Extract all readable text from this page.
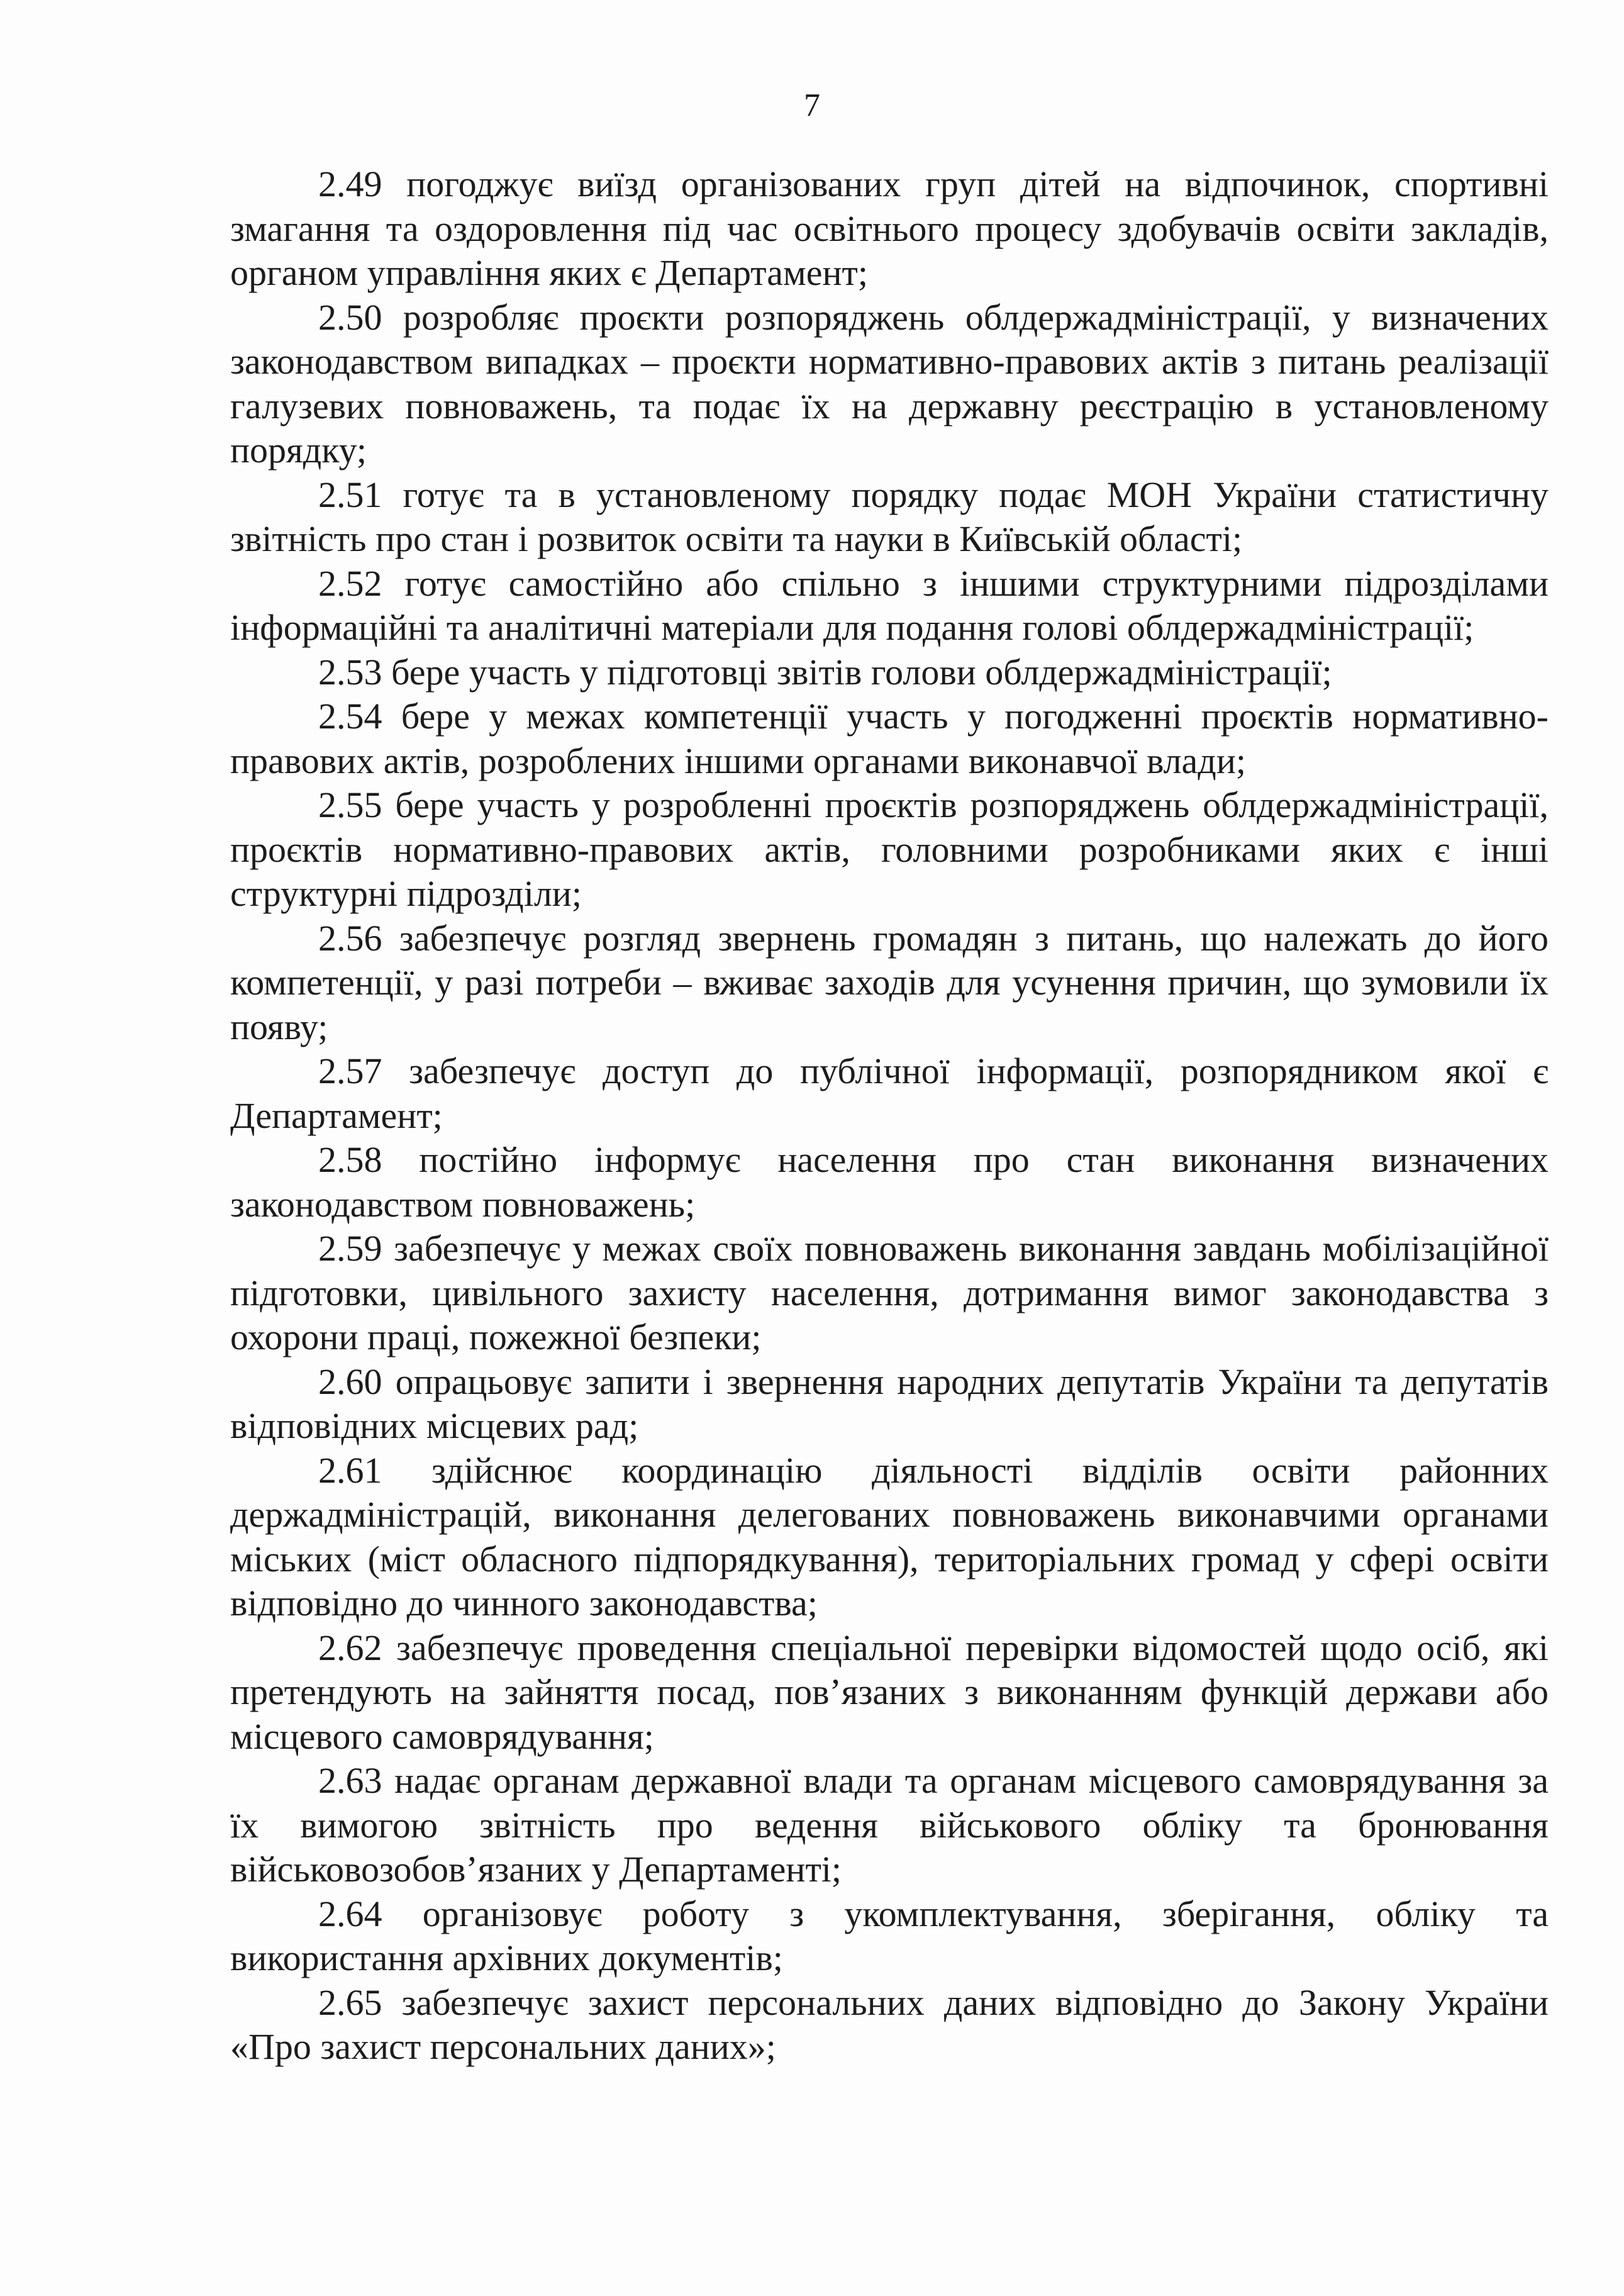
7

2.49 погоджує виїзд організованих груп дітей на відпочинок, спортивні змагання та оздоровлення під час освітнього процесу здобувачів освіти закладів, органом управління яких є Департамент;

2.50 розробляє проєкти розпоряджень облдержадміністрації, у визначених законодавством випадках – проєкти нормативно-правових актів з питань реалізації галузевих повноважень, та подає їх на державну реєстрацію в установленому порядку;

2.51 готує та в установленому порядку подає МОН України статистичну звітність про стан і розвиток освіти та науки в Київській області;

2.52 готує самостійно або спільно з іншими структурними підрозділами інформаційні та аналітичні матеріали для подання голові облдержадміністрації;

2.53 бере участь у підготовці звітів голови облдержадміністрації;

2.54 бере у межах компетенції участь у погодженні проєктів нормативно-правових актів, розроблених іншими органами виконавчої влади;

2.55 бере участь у розробленні проєктів розпоряджень облдержадміністрації, проєктів нормативно-правових актів, головними розробниками яких є інші структурні підрозділи;

2.56 забезпечує розгляд звернень громадян з питань, що належать до його компетенції, у разі потреби – вживає заходів для усунення причин, що зумовили їх появу;

2.57 забезпечує доступ до публічної інформації, розпорядником якої є Департамент;

2.58 постійно інформує населення про стан виконання визначених законодавством повноважень;

2.59 забезпечує у межах своїх повноважень виконання завдань мобілізаційної підготовки, цивільного захисту населення, дотримання вимог законодавства з охорони праці, пожежної безпеки;

2.60 опрацьовує запити і звернення народних депутатів України та депутатів відповідних місцевих рад;

2.61 здійснює координацію діяльності відділів освіти районних держадміністрацій, виконання делегованих повноважень виконавчими органами міських (міст обласного підпорядкування), територіальних громад у сфері освіти відповідно до чинного законодавства;

2.62 забезпечує проведення спеціальної перевірки відомостей щодо осіб, які претендують на зайняття посад, пов’язаних з виконанням функцій держави або місцевого самоврядування;

2.63 надає органам державної влади та органам місцевого самоврядування за їх вимогою звітність про ведення військового обліку та бронювання військовозобов’язаних у Департаменті;

2.64 організовує роботу з укомплектування, зберігання, обліку та використання архівних документів;

2.65 забезпечує захист персональних даних відповідно до Закону України «Про захист персональних даних»;
